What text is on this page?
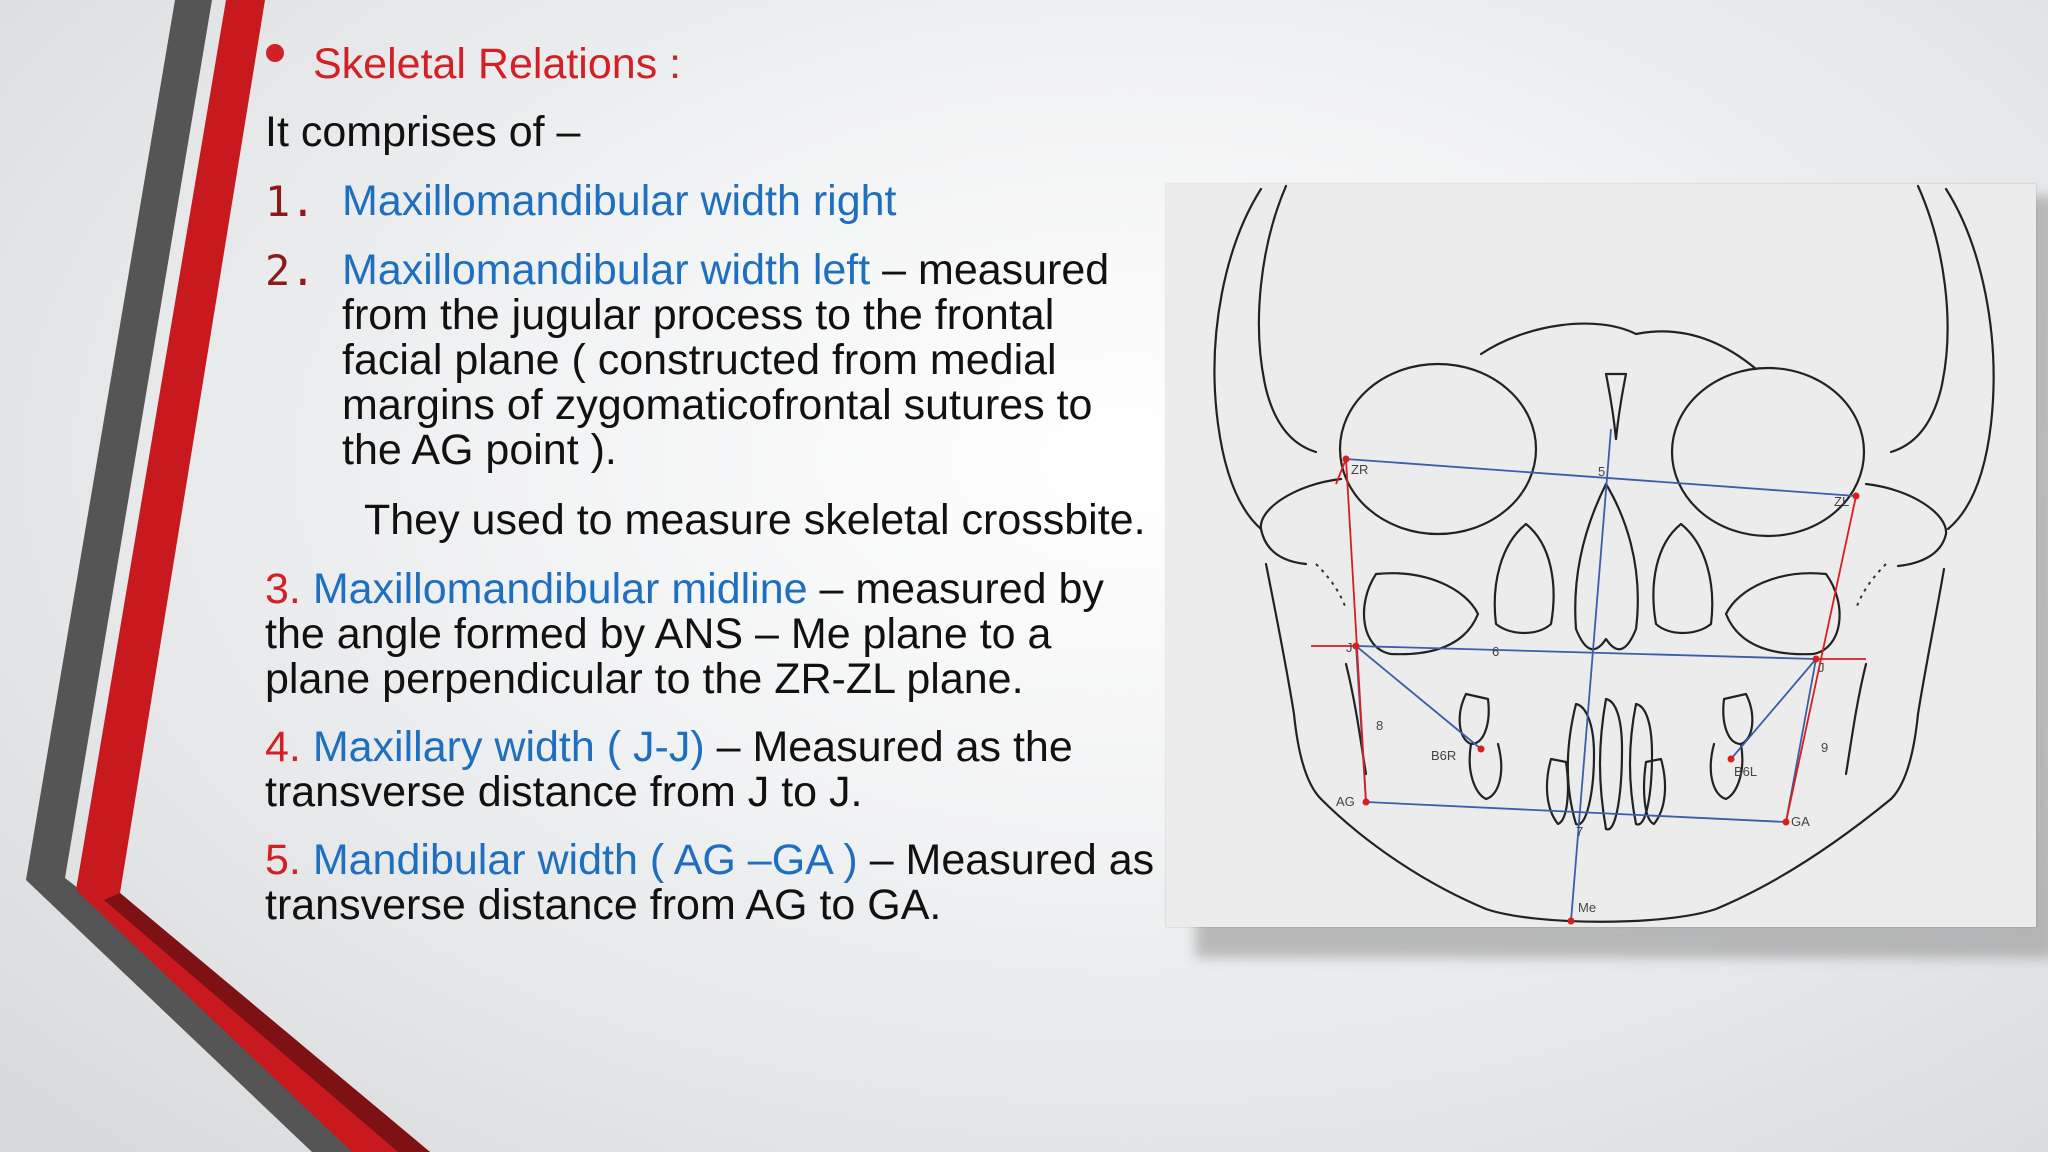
Skeletal Relations :
It comprises of –
1. Maxillomandibular width right
2. Maxillomandibular width left – measured from the jugular process to the frontal facial plane ( constructed from medial margins of zygomaticofrontal sutures to the AG point ).
They used to measure skeletal crossbite.
3. Maxillomandibular midline – measured by the angle formed by ANS – Me plane to a plane perpendicular to the ZR-ZL plane.
4. Maxillary width ( J-J) – Measured as the transverse distance from J to J.
5. Mandibular width ( AG –GA ) – Measured as transverse distance from AG to GA.
ZR
ZL
5
6
J
J
8
9
B6R
B6L
AG
GA
7
Me
